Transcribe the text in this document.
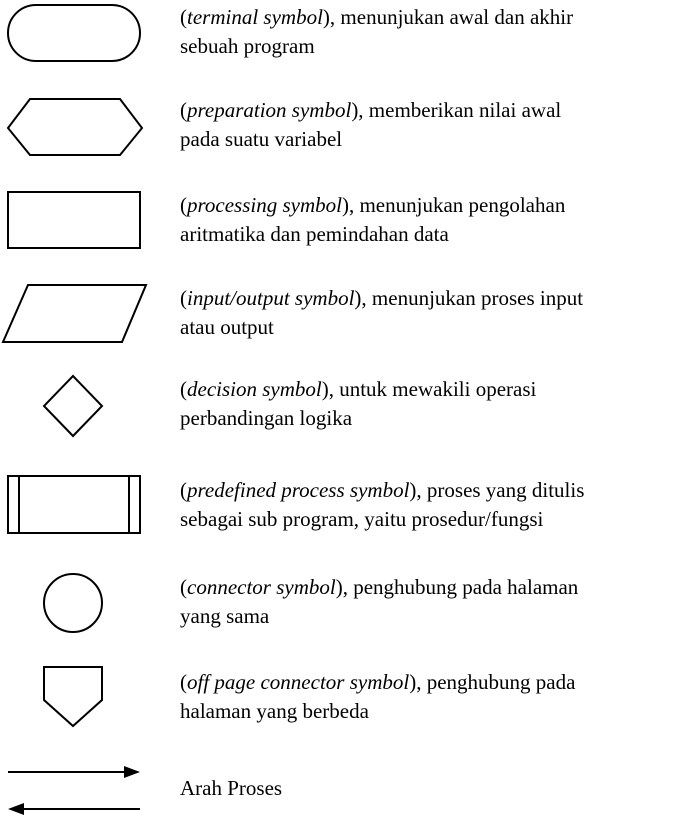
(terminal symbol), menunjukan awal dan akhir
sebuah program
(preparation symbol), memberikan nilai awal
pada suatu variabel
(processing symbol), menunjukan pengolahan
aritmatika dan pemindahan data
(input/output symbol), menunjukan proses input
atau output
(decision symbol), untuk mewakili operasi
perbandingan logika
(predefined process symbol), proses yang ditulis
sebagai sub program, yaitu prosedur/fungsi
(connector symbol), penghubung pada halaman
yang sama
(off page connector symbol), penghubung pada
halaman yang berbeda
Arah Proses
